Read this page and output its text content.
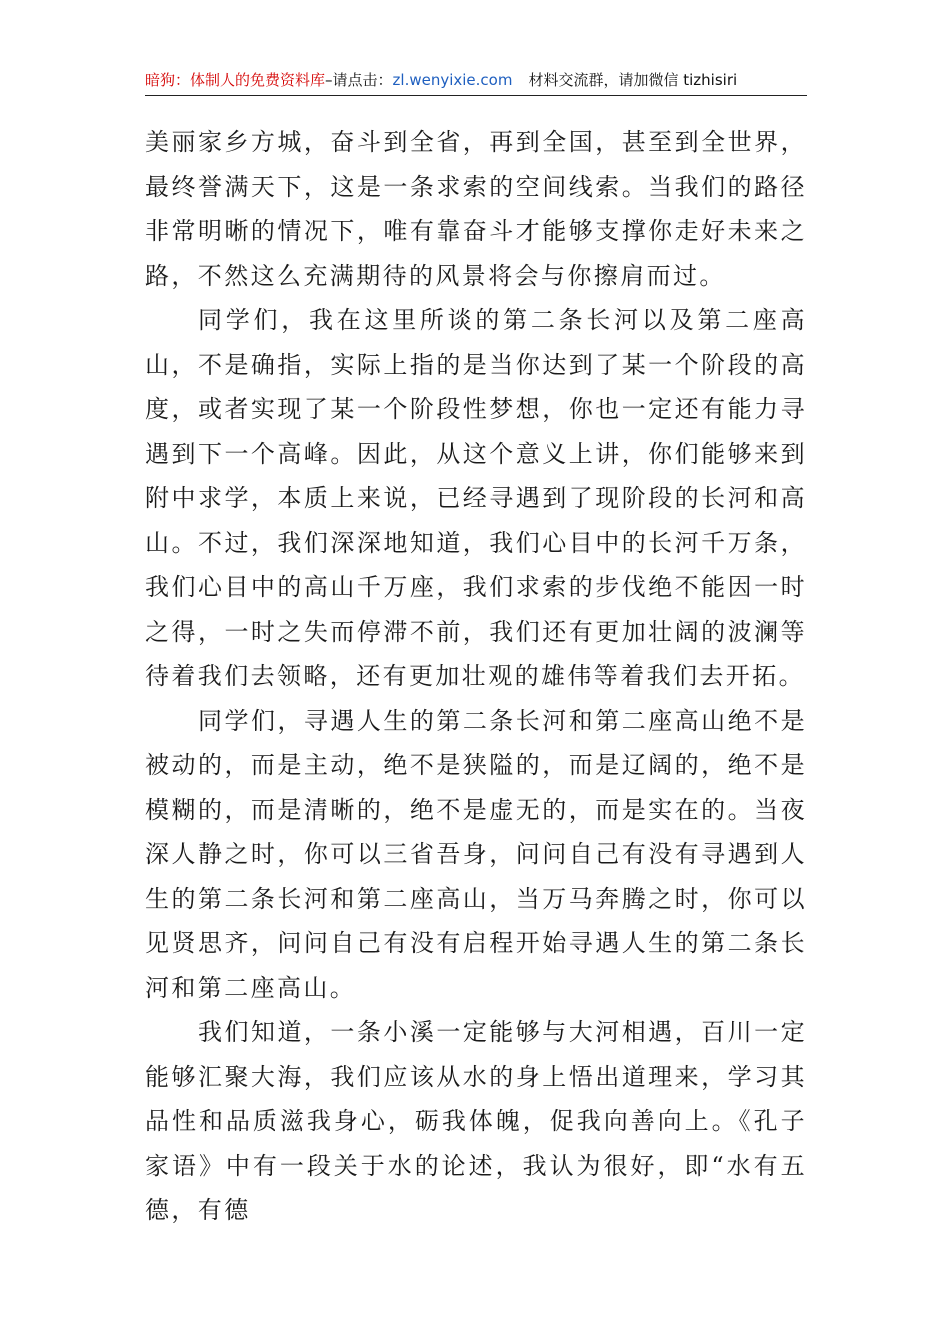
暗狗：体制人的免费资料库–请点击：zl.wenyixie.com 材料交流群，请加微信 tizhisiri

美丽家乡方城，奋斗到全省，再到全国，甚至到全世界，最终誉满天下，这是一条求索的空间线索。当我们的路径非常明晰的情况下，唯有靠奋斗才能够支撑你走好未来之路，不然这么充满期待的风景将会与你擦肩而过。

同学们，我在这里所谈的第二条长河以及第二座高山，不是确指，实际上指的是当你达到了某一个阶段的高度，或者实现了某一个阶段性梦想，你也一定还有能力寻遇到下一个高峰。因此，从这个意义上讲，你们能够来到附中求学，本质上来说，已经寻遇到了现阶段的长河和高山。不过，我们深深地知道，我们心目中的长河千万条，我们心目中的高山千万座，我们求索的步伐绝不能因一时之得，一时之失而停滞不前，我们还有更加壮阔的波澜等待着我们去领略，还有更加壮观的雄伟等着我们去开拓。

同学们，寻遇人生的第二条长河和第二座高山绝不是被动的，而是主动，绝不是狭隘的，而是辽阔的，绝不是模糊的，而是清晰的，绝不是虚无的，而是实在的。当夜深人静之时，你可以三省吾身，问问自己有没有寻遇到人生的第二条长河和第二座高山，当万马奔腾之时，你可以见贤思齐，问问自己有没有启程开始寻遇人生的第二条长河和第二座高山。

我们知道，一条小溪一定能够与大河相遇，百川一定能够汇聚大海，我们应该从水的身上悟出道理来，学习其品性和品质滋我身心，砺我体魄，促我向善向上。《孔子家语》中有一段关于水的论述，我认为很好，即“水有五德，有德
